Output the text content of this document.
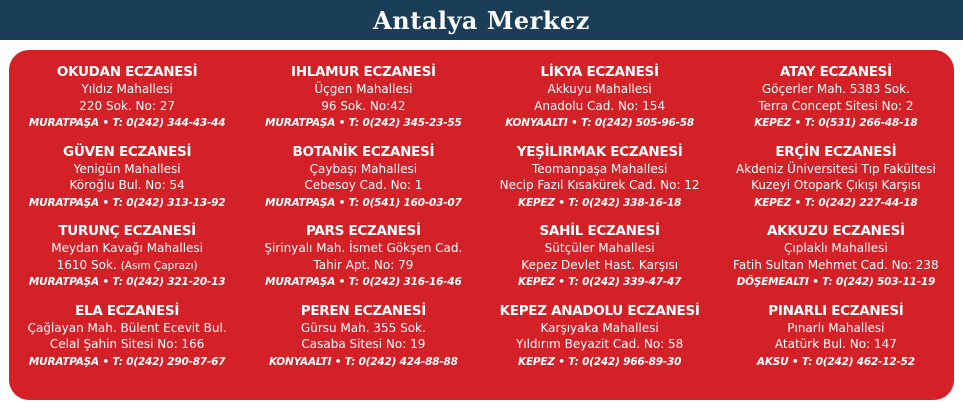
Antalya Merkez
OKUDAN ECZANESİ
Yıldız Mahallesi
220 Sok. No: 27
MURATPAŞA • T: 0(242) 344-43-44
IHLAMUR ECZANESİ
Üçgen Mahallesi
96 Sok. No:42
MURATPAŞA • T: 0(242) 345-23-55
LİKYA ECZANESİ
Akkuyu Mahallesi
Anadolu Cad. No: 154
KONYAALTI • T: 0(242) 505-96-58
ATAY ECZANESİ
Göçerler Mah. 5383 Sok.
Terra Concept Sitesi No: 2
KEPEZ • T: 0(531) 266-48-18
GÜVEN ECZANESİ
Yenigün Mahallesi
Köroğlu Bul. No: 54
MURATPAŞA • T: 0(242) 313-13-92
BOTANİK ECZANESİ
Çaybaşı Mahallesi
Cebesoy Cad. No: 1
MURATPAŞA • T: 0(541) 160-03-07
YEŞİLIRMAK ECZANESİ
Teomanpaşa Mahallesi
Necip Fazıl Kısakürek Cad. No: 12
KEPEZ • T: 0(242) 338-16-18
ERÇİN ECZANESİ
Akdeniz Üniversitesi Tıp Fakültesi
Kuzeyi Otopark Çıkışı Karşısı
KEPEZ • T: 0(242) 227-44-18
TURUNÇ ECZANESİ
Meydan Kavağı Mahallesi
1610 Sok. (Asım Çaprazı)
MURATPAŞA • T: 0(242) 321-20-13
PARS ECZANESİ
Şirinyalı Mah. İsmet Gökşen Cad.
Tahir Apt. No: 79
MURATPAŞA • T: 0(242) 316-16-46
SAHİL ECZANESİ
Sütçüler Mahallesi
Kepez Devlet Hast. Karşısı
KEPEZ • T: 0(242) 339-47-47
AKKUZU ECZANESİ
Çıplaklı Mahallesi
Fatih Sultan Mehmet Cad. No: 238
DÖŞEMEALTI • T: 0(242) 503-11-19
ELA ECZANESİ
Çağlayan Mah. Bülent Ecevit Bul.
Celal Şahin Sitesi No: 166
MURATPAŞA • T: 0(242) 290-87-67
PEREN ECZANESİ
Gürsu Mah. 355 Sok.
Casaba Sitesi No: 19
KONYAALTI • T: 0(242) 424-88-88
KEPEZ ANADOLU ECZANESİ
Karşıyaka Mahallesi
Yıldırım Beyazit Cad. No: 58
KEPEZ • T: 0(242) 966-89-30
PINARLI ECZANESİ
Pınarlı Mahallesi
Atatürk Bul. No: 147
AKSU • T: 0(242) 462-12-52
